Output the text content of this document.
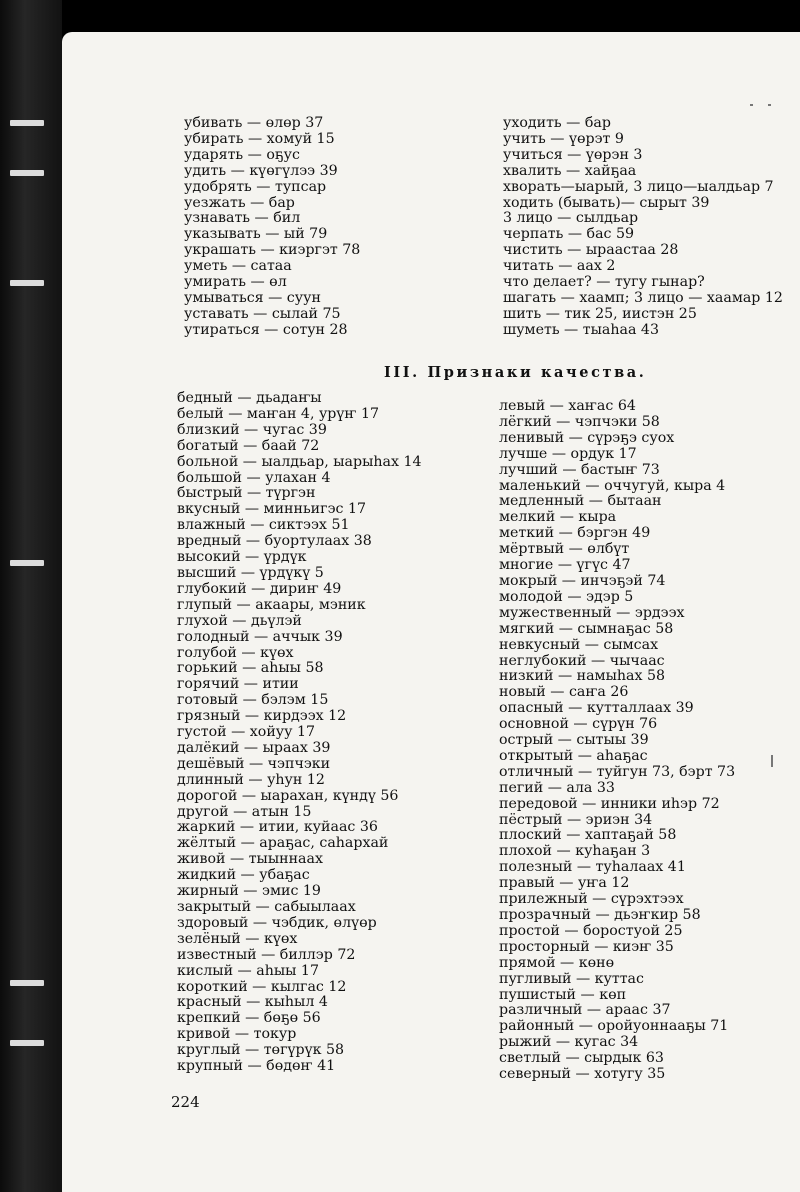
убивать — өлөр 37
убирать — хомуй 15
ударять — оҕус
удить — күөгүлээ 39
удобрять — тупсар
уезжать — бар
узнавать — бил
указывать — ый 79
украшать — киэргэт 78
уметь — сатаа
умирать — өл
умываться — суун
уставать — сылай 75
утираться — сотун 28
уходить — бар
учить — үөрэт 9
учиться — үөрэн 3
хвалить — хайҕаа
хворать—ыарый, 3 лицо—ыалдьар 7
ходить (бывать)— сырыт 39
3 лицо — сылдьар
черпать — бас 59
чистить — ыраастаа 28
читать — аах 2
что делает? — тугу гынар?
шагать — хаамп; 3 лицо — хаамар 12
шить — тик 25, иистэн 25
шуметь — тыаһаа 43
III. Признаки качества.
бедный — дьадаҥы
белый — маҥан 4, урүҥ 17
близкий — чугас 39
богатый — баай 72
больной — ыалдьар, ыарыһах 14
большой — улахан 4
быстрый — түргэн
вкусный — минньигэс 17
влажный — сиктээх 51
вредный — буортулаах 38
высокий — үрдүк
высший — үрдүкү 5
глубокий — дириҥ 49
глупый — акаары, мэник
глухой — дьүлэй
голодный — аччык 39
голубой — күөх
горький — аһыы 58
горячий — итии
готовый — бэлэм 15
грязный — кирдээх 12
густой — хойуу 17
далёкий — ыраах 39
дешёвый — чэпчэки
длинный — уһун 12
дорогой — ыарахан, күндү 56
другой — атын 15
жаркий — итии, куйаас 36
жёлтый — араҕас, саһархай
живой — тыыннаах
жидкий — убаҕас
жирный — эмис 19
закрытый — сабыылаах
здоровый — чэбдик, өлүөр
зелёный — күөх
известный — биллэр 72
кислый — аһыы 17
короткий — кылгас 12
красный — кыһыл 4
крепкий — бөҕө 56
кривой — токур
круглый — төгүрүк 58
крупный — бөдөҥ 41
левый — хаҥас 64
лёгкий — чэпчэки 58
ленивый — сүрэҕэ суох
лучше — ордук 17
лучший — бастыҥ 73
маленький — оччугуй, кыра 4
медленный — бытаан
мелкий — кыра
меткий — бэргэн 49
мёртвый — өлбүт
многие — үгүс 47
мокрый — инчэҕэй 74
молодой — эдэр 5
мужественный — эрдээх
мягкий — сымнаҕас 58
невкусный — сымсах
неглубокий — чычаас
низкий — намыһах 58
новый — саҥа 26
опасный — кутталлаах 39
основной — сүрүн 76
острый — сытыы 39
открытый — аһаҕас
отличный — туйгун 73, бэрт 73
пегий — ала 33
передовой — инники иһэр 72
пёстрый — эриэн 34
плоский — хаптаҕай 58
плохой — куһаҕан 3
полезный — туһалаах 41
правый — уҥа 12
прилежный — сүрэхтээх
прозрачный — дьэҥкир 58
простой — боростуой 25
просторный — киэҥ 35
прямой — көнө
пугливый — куттас
пушистый — көп
различный — араас 37
районный — оройуоннааҕы 71
рыжий — кугас 34
светлый — сырдык 63
северный — хотугу 35
224
